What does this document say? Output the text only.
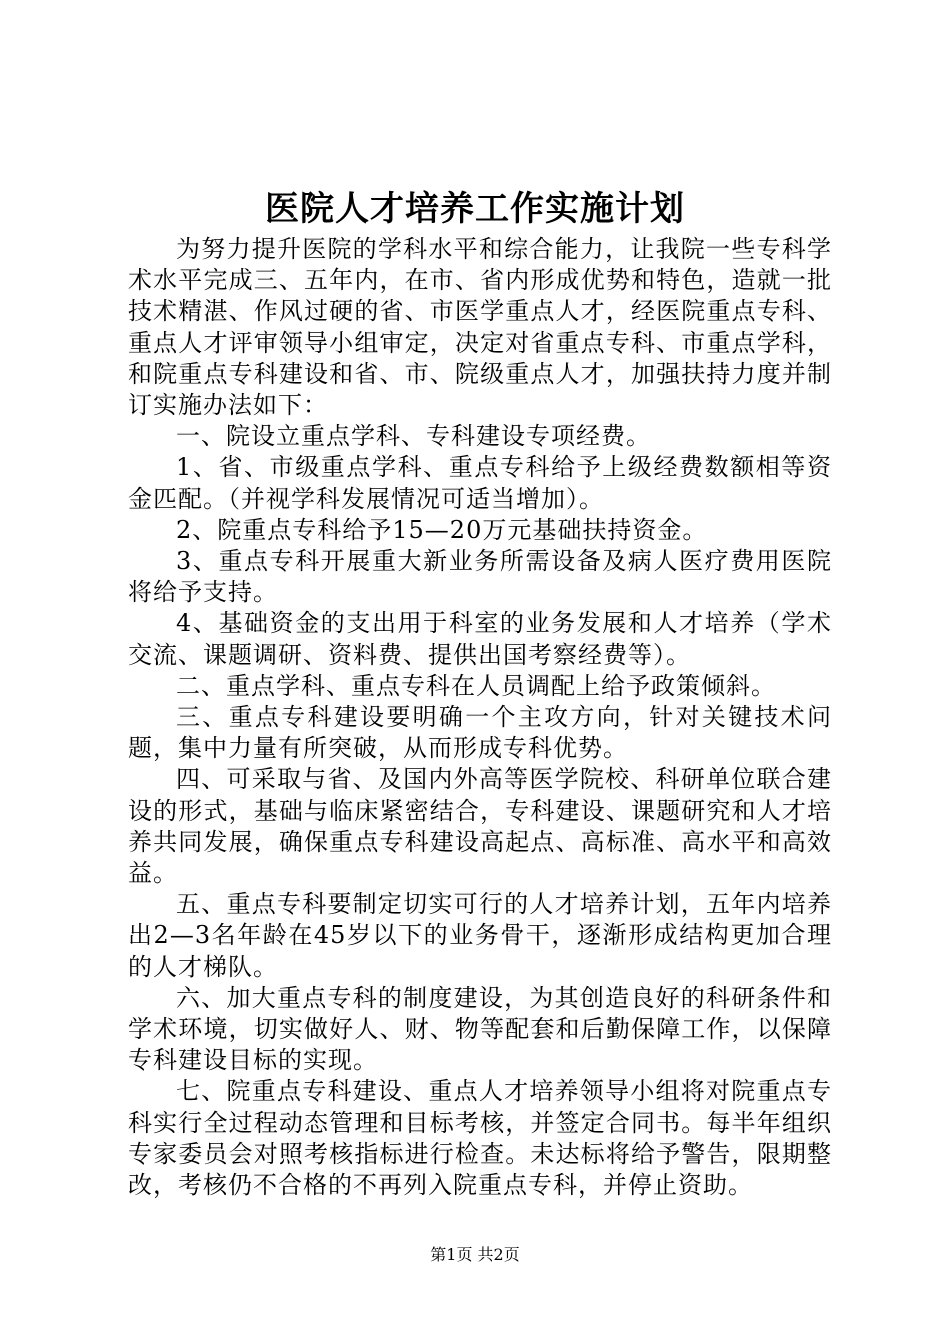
医院人才培养工作实施计划

为努力提升医院的学科水平和综合能力，让我院一些专科学术水平完成三、五年内，在市、省内形成优势和特色，造就一批技术精湛、作风过硬的省、市医学重点人才，经医院重点专科、重点人才评审领导小组审定，决定对省重点专科、市重点学科，和院重点专科建设和省、市、院级重点人才，加强扶持力度并制订实施办法如下：

一、院设立重点学科、专科建设专项经费。

1、省、市级重点学科、重点专科给予上级经费数额相等资金匹配。（并视学科发展情况可适当增加）。

2、院重点专科给予15—20万元基础扶持资金。

3、重点专科开展重大新业务所需设备及病人医疗费用医院将给予支持。

4、基础资金的支出用于科室的业务发展和人才培养（学术交流、课题调研、资料费、提供出国考察经费等）。

二、重点学科、重点专科在人员调配上给予政策倾斜。

三、重点专科建设要明确一个主攻方向，针对关键技术问题，集中力量有所突破，从而形成专科优势。

四、可采取与省、及国内外高等医学院校、科研单位联合建设的形式，基础与临床紧密结合，专科建设、课题研究和人才培养共同发展，确保重点专科建设高起点、高标准、高水平和高效益。

五、重点专科要制定切实可行的人才培养计划，五年内培养出2—3名年龄在45岁以下的业务骨干，逐渐形成结构更加合理的人才梯队。

六、加大重点专科的制度建设，为其创造良好的科研条件和学术环境，切实做好人、财、物等配套和后勤保障工作，以保障专科建设目标的实现。

七、院重点专科建设、重点人才培养领导小组将对院重点专科实行全过程动态管理和目标考核，并签定合同书。每半年组织专家委员会对照考核指标进行检查。未达标将给予警告，限期整改，考核仍不合格的不再列入院重点专科，并停止资助。

第1页 共2页
